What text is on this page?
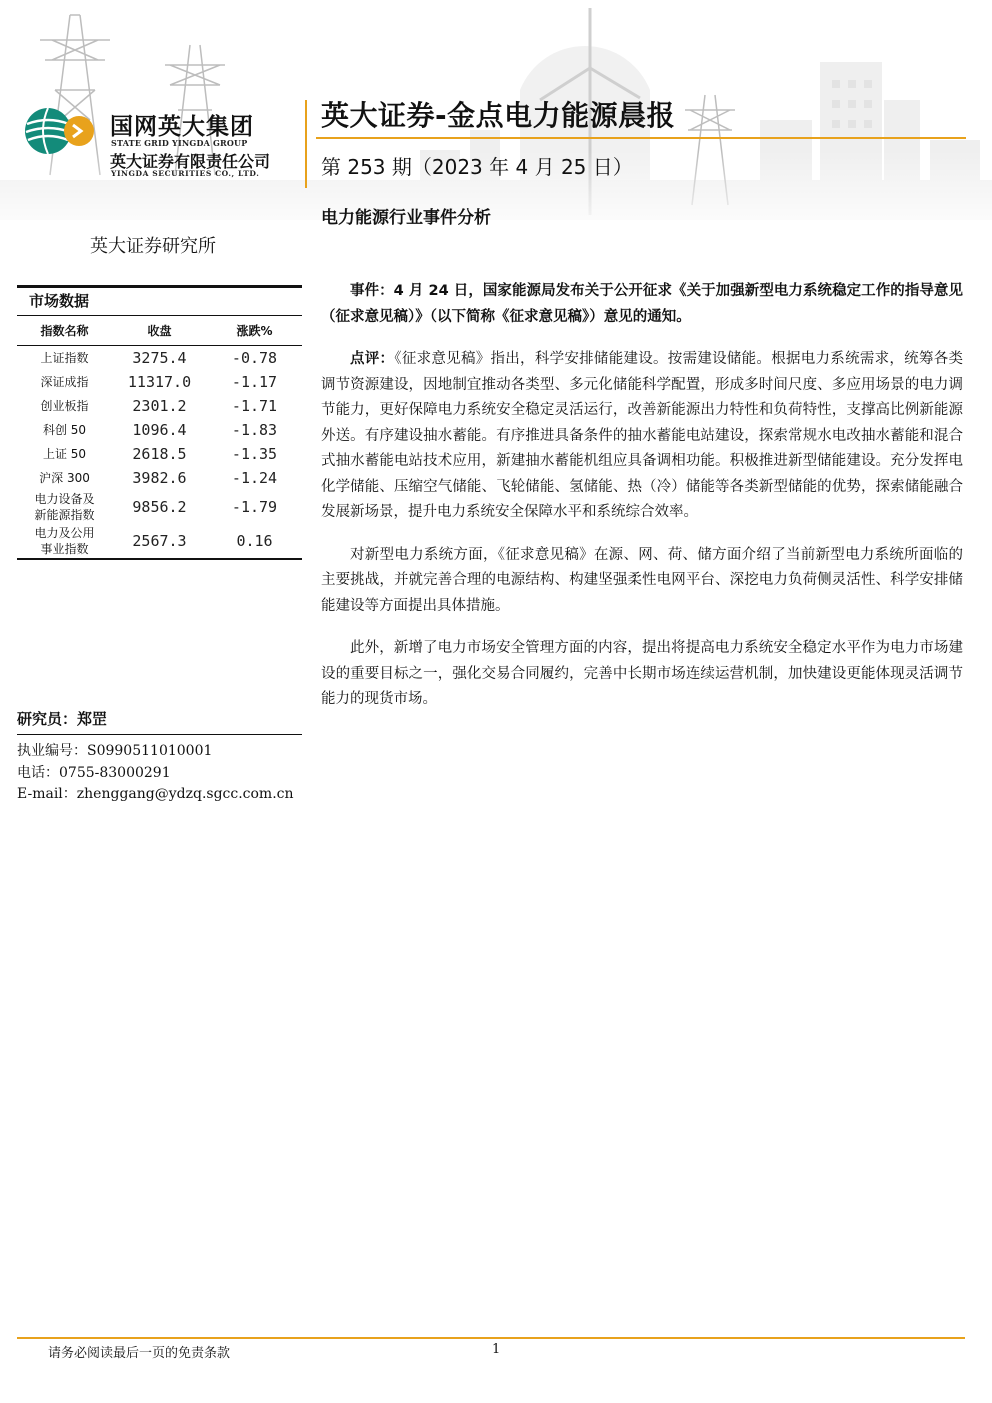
国网英大集团
STATE GRID YINGDA GROUP
英大证券有限责任公司
YINGDA SECURITIES CO., LTD.
英大证券-金点电力能源晨报
第 253 期（2023 年 4 月 25 日）
电力能源行业事件分析
英大证券研究所
市场数据
指数名称	收盘	涨跌%
上证指数	3275.4	-0.78
深证成指	11317.0	-1.17
创业板指	2301.2	-1.71
科创 50	1096.4	-1.83
上证 50	2618.5	-1.35
沪深 300	3982.6	-1.24
电力设备及
新能源指数	9856.2	-1.79
电力及公用
事业指数	2567.3	0.16
研究员：郑罡
执业编号：S0990511010001
电话：0755-83000291
E-mail：zhenggang@ydzq.sgcc.com.cn

事件：4 月 24 日，国家能源局发布关于公开征求《关于加强新型电力系统稳定工作的指导意见（征求意见稿）》（以下简称《征求意见稿》）意见的通知。

点评：《征求意见稿》指出，科学安排储能建设。按需建设储能。根据电力系统需求，统筹各类调节资源建设，因地制宜推动各类型、多元化储能科学配置，形成多时间尺度、多应用场景的电力调节能力，更好保障电力系统安全稳定灵活运行，改善新能源出力特性和负荷特性，支撑高比例新能源外送。有序建设抽水蓄能。有序推进具备条件的抽水蓄能电站建设，探索常规水电改抽水蓄能和混合式抽水蓄能电站技术应用，新建抽水蓄能机组应具备调相功能。积极推进新型储能建设。充分发挥电化学储能、压缩空气储能、飞轮储能、氢储能、热（冷）储能等各类新型储能的优势，探索储能融合发展新场景，提升电力系统安全保障水平和系统综合效率。

对新型电力系统方面，《征求意见稿》在源、网、荷、储方面介绍了当前新型电力系统所面临的主要挑战，并就完善合理的电源结构、构建坚强柔性电网平台、深挖电力负荷侧灵活性、科学安排储能建设等方面提出具体措施。

此外，新增了电力市场安全管理方面的内容，提出将提高电力系统安全稳定水平作为电力市场建设的重要目标之一，强化交易合同履约，完善中长期市场连续运营机制，加快建设更能体现灵活调节能力的现货市场。

请务必阅读最后一页的免责条款	1
